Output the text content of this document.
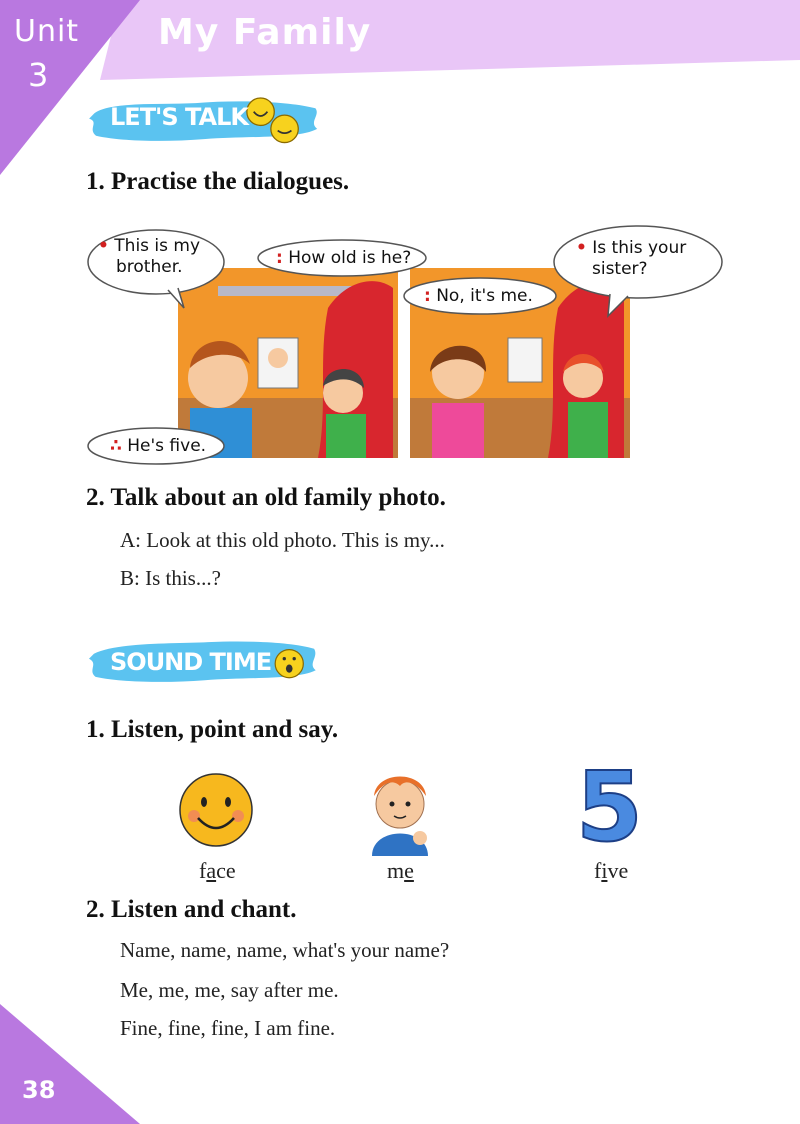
Unit
3
My Family
LET'S TALK
1. Practise the dialogues.
• This is my
brother.	: How old is he?
∴ He's five.
: No, it's me.
• Is this your
sister?
2. Talk about an old family photo.
A: Look at this old photo. This is my...
B: Is this...?
SOUND TIME
1. Listen, point and say.
5
face	me	five
2. Listen and chant.
Name, name, name, what's your name?
Me, me, me, say after me.
Fine, fine, fine, I am fine.
38
